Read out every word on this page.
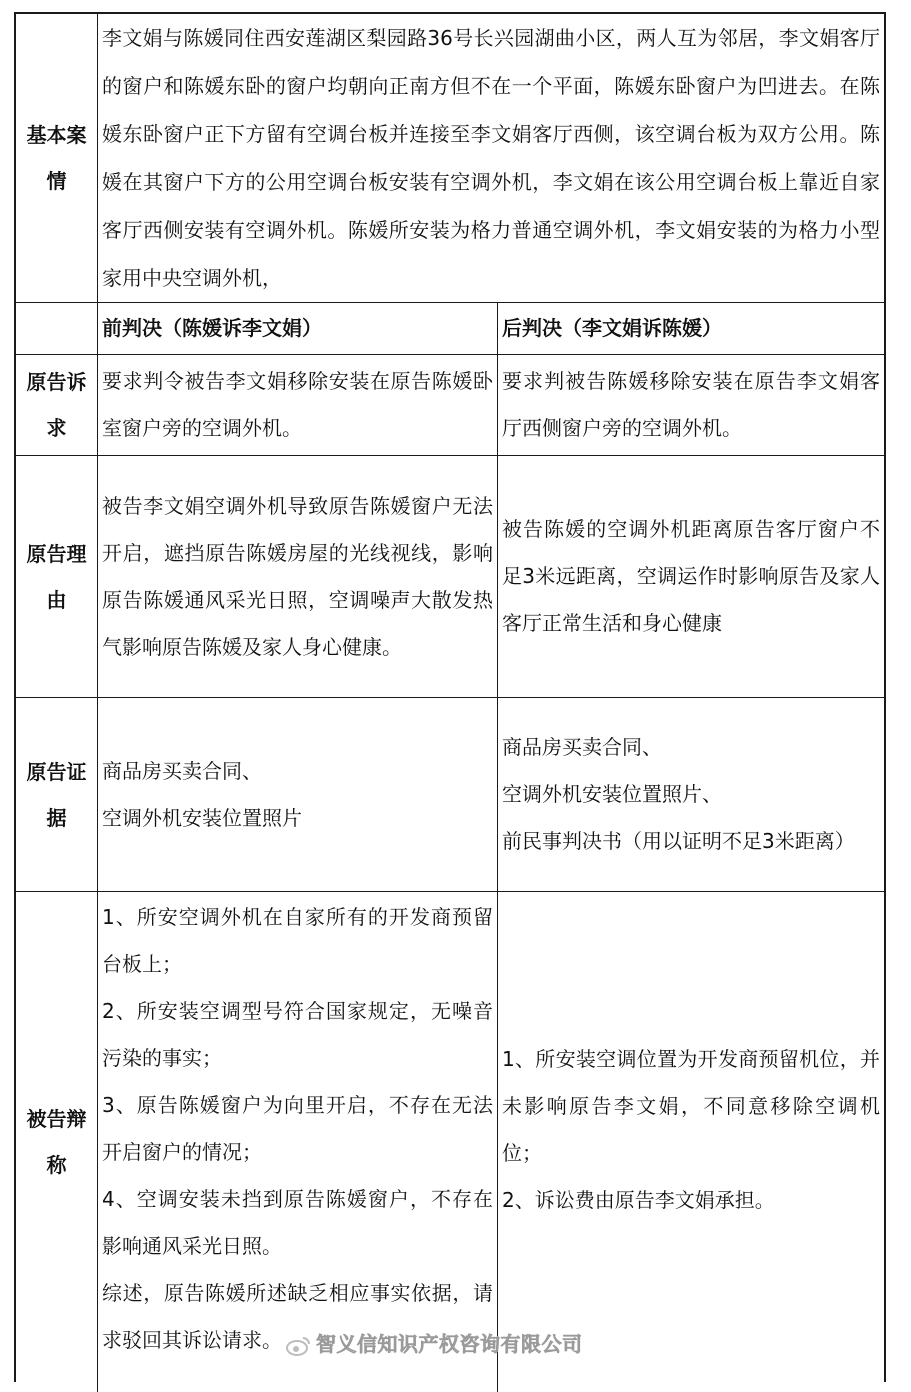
基本案情
李文娟与陈媛同住西安莲湖区梨园路36号长兴园湖曲小区，两人互为邻居，李文娟客厅的窗户和陈媛东卧的窗户均朝向正南方但不在一个平面，陈媛东卧窗户为凹进去。在陈媛东卧窗户正下方留有空调台板并连接至李文娟客厅西侧，该空调台板为双方公用。陈媛在其窗户下方的公用空调台板安装有空调外机，李文娟在该公用空调台板上靠近自家客厅西侧安装有空调外机。陈媛所安装为格力普通空调外机，李文娟安装的为格力小型家用中央空调外机，
前判决（陈媛诉李文娟）	后判决（李文娟诉陈媛）
原告诉求
要求判令被告李文娟移除安装在原告陈媛卧室窗户旁的空调外机。
要求判被告陈媛移除安装在原告李文娟客厅西侧窗户旁的空调外机。
原告理由
被告李文娟空调外机导致原告陈媛窗户无法开启，遮挡原告陈媛房屋的光线视线，影响原告陈媛通风采光日照，空调噪声大散发热气影响原告陈媛及家人身心健康。
被告陈媛的空调外机距离原告客厅窗户不足3米远距离，空调运作时影响原告及家人客厅正常生活和身心健康
原告证据
商品房买卖合同、
空调外机安装位置照片
商品房买卖合同、
空调外机安装位置照片、
前民事判决书（用以证明不足3米距离）
被告辩称
1、所安空调外机在自家所有的开发商预留台板上；
2、所安装空调型号符合国家规定，无噪音污染的事实；
3、原告陈媛窗户为向里开启，不存在无法开启窗户的情况；
4、空调安装未挡到原告陈媛窗户，不存在影响通风采光日照。
综述，原告陈媛所述缺乏相应事实依据，请求驳回其诉讼请求。
1、所安装空调位置为开发商预留机位，并未影响原告李文娟，不同意移除空调机位；
2、诉讼费由原告李文娟承担。
智义信知识产权咨询有限公司
